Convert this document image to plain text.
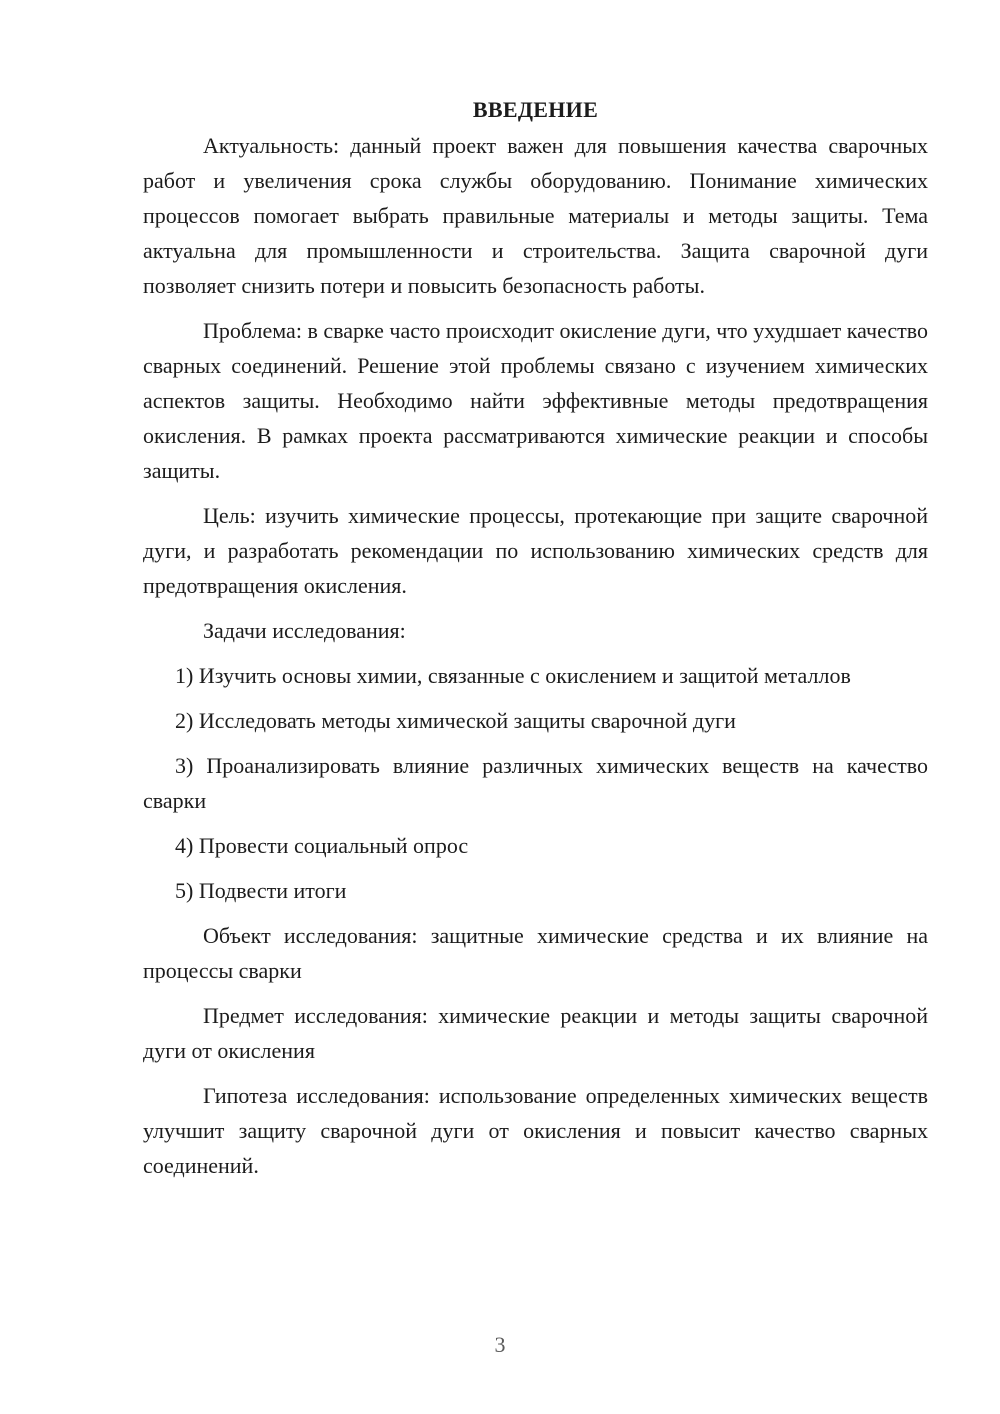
ВВЕДЕНИЕ

Актуальность: данный проект важен для повышения качества сварочных работ и увеличения срока службы оборудованию. Понимание химических процессов помогает выбрать правильные материалы и методы защиты. Тема актуальна для промышленности и строительства. Защита сварочной дуги позволяет снизить потери и повысить безопасность работы.

Проблема: в сварке часто происходит окисление дуги, что ухудшает качество сварных соединений. Решение этой проблемы связано с изучением химических аспектов защиты. Необходимо найти эффективные методы предотвращения окисления. В рамках проекта рассматриваются химические реакции и способы защиты.

Цель: изучить химические процессы, протекающие при защите сварочной дуги, и разработать рекомендации по использованию химических средств для предотвращения окисления.

Задачи исследования:

1) Изучить основы химии, связанные с окислением и защитой металлов

2) Исследовать методы химической защиты сварочной дуги

3) Проанализировать влияние различных химических веществ на качество сварки

4) Провести социальный опрос

5) Подвести итоги

Объект исследования: защитные химические средства и их влияние на процессы сварки

Предмет исследования: химические реакции и методы защиты сварочной дуги от окисления

Гипотеза исследования: использование определенных химических веществ улучшит защиту сварочной дуги от окисления и повысит качество сварных соединений.

3
